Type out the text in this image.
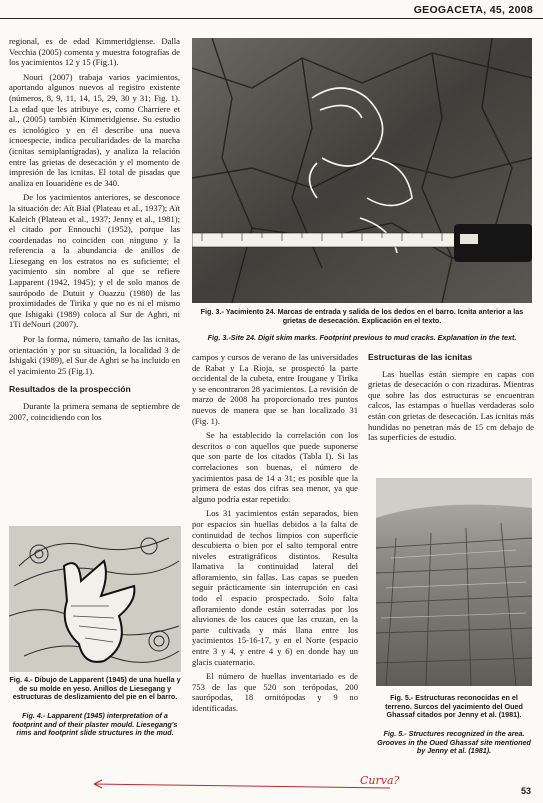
GEOGACETA, 45, 2008

regional, es de edad Kimmeridgiense. Dalla Vecchia (2005) comenta y muestra fotografías de los yacimientos 12 y 15 (Fig.1).

Nouri (2007) trabaja varios yacimientos, aportando algunos nuevos al registro existente (números, 8, 9, 11, 14, 15, 29, 30 y 31; Fig. 1). La edad que les atribuye es, como Charriere et al., (2005) también Kimmeridgiense. Su estudio es icnológico y en él describe una nueva icnoespecie, indica peculiaridades de la marcha (icnitas semiplantígradas), y analiza la relación entre las grietas de desecación y el momento de impresión de las icnitas. El total de pisadas que analiza en Iouaridène es de 340.

De los yacimientos anteriores, se desconoce la situación de: Aït Bial (Plateau et al., 1937); Aït Kaleich (Plateau et al., 1937; Jenny et al., 1981); el citado por Ennouchi (1952), porque las coordenadas no coinciden con ninguno y la referencia a la abundancia de anillos de Liesegang en los estratos no es suficiente; el yacimiento sin nombre al que se refiere Lapparent (1942, 1945); y el de solo manos de saurópodo de Dutuit y Ouazzu (1980) de las proximidades de Tirika y que no es ni el mismo que Ishigaki (1989) coloca al Sur de Aghri, ni 1Ti deNouri (2007).

Por la forma, número, tamaño de las icnitas, orientación y por su situación, la localidad 3 de Ishigaki (1989), el Sur de Aghri se ha incluido en el yacimiento 25 (Fig.1).

Resultados de la prospección

Durante la primera semana de septiembre de 2007, coincidiendo con los

Fig. 4.- Dibujo de Lapparent (1945) de una huella y de su molde en yeso. Anillos de Liesegang y estructuras de deslizamiento del pie en el barro.
Fig. 4.- Lapparent (1945) interpretation of a footprint and of their plaster mould. Liesegang's rims and footprint slide structures in the mud.
Fig. 3.- Yacimiento 24. Marcas de entrada y salida de los dedos en el barro. Icnita anterior a las grietas de desecación. Explicación en el texto.
Fig. 3.-Site 24. Digit skim marks. Footprint previous to mud cracks. Explanation in the text.

campos y cursos de verano de las universidades de Rabat y La Rioja, se prospectó la parte occidental de la cubeta, entre Irougane y Tirika y se encontraron 28 yacimientos. La revisión de marzo de 2008 ha proporcionado tres puntos nuevos de manera que se han localizado 31 (Fig. 1).

Se ha establecido la correlación con los descritos o con aquellos que puede suponerse que son parte de los citados (Tabla I). Si las correlaciones son buenas, el número de yacimientos pasa de 14 a 31; es posible que la primera de estas dos cifras sea menor, ya que alguno podría estar repetido.

Los 31 yacimientos están separados, bien por espacios sin huellas debidos a la falta de continuidad de techos limpios con superficie descubierta o bien por el salto temporal entre niveles estratigráficos distintos. Resulta llamativa la continuidad lateral del afloramiento, sin fallas. Las capas se pueden seguir prácticamente sin interrupción en casi todo el espacio prospectado. Solo falta afloramiento donde están soterradas por los aluviones de los cauces que las cruzan, en la parte cultivada y más llana entre los yacimientos 15-16-17, y en el Norte (espacio entre 3 y 4, y entre 4 y 6) en donde hay un glacis cuaternario.

El número de huellas inventariado es de 753 de las que 520 son terópodas, 200 saurópodas, 18 ornitópodas y 9 no identificadas.

Estructuras de las icnitas

Las huellas están siempre en capas con grietas de desecación o con rizaduras. Mientras que sobre las dos estructuras se encuentran calcos, las estampas o huellas verdaderas solo están con grietas de desecación. Las icnitas más hundidas no penetran más de 15 cm debajo de las superficies de estudio.

Fig. 5.- Estructuras reconocidas en el terreno. Surcos del yacimiento del Oued Ghassaf citados por Jenny et al. (1981).
Fig. 5.- Structures recognized in the area. Grooves in the Oued Ghassaf site mentioned by Jenny et al. (1981).
Curva?
53
